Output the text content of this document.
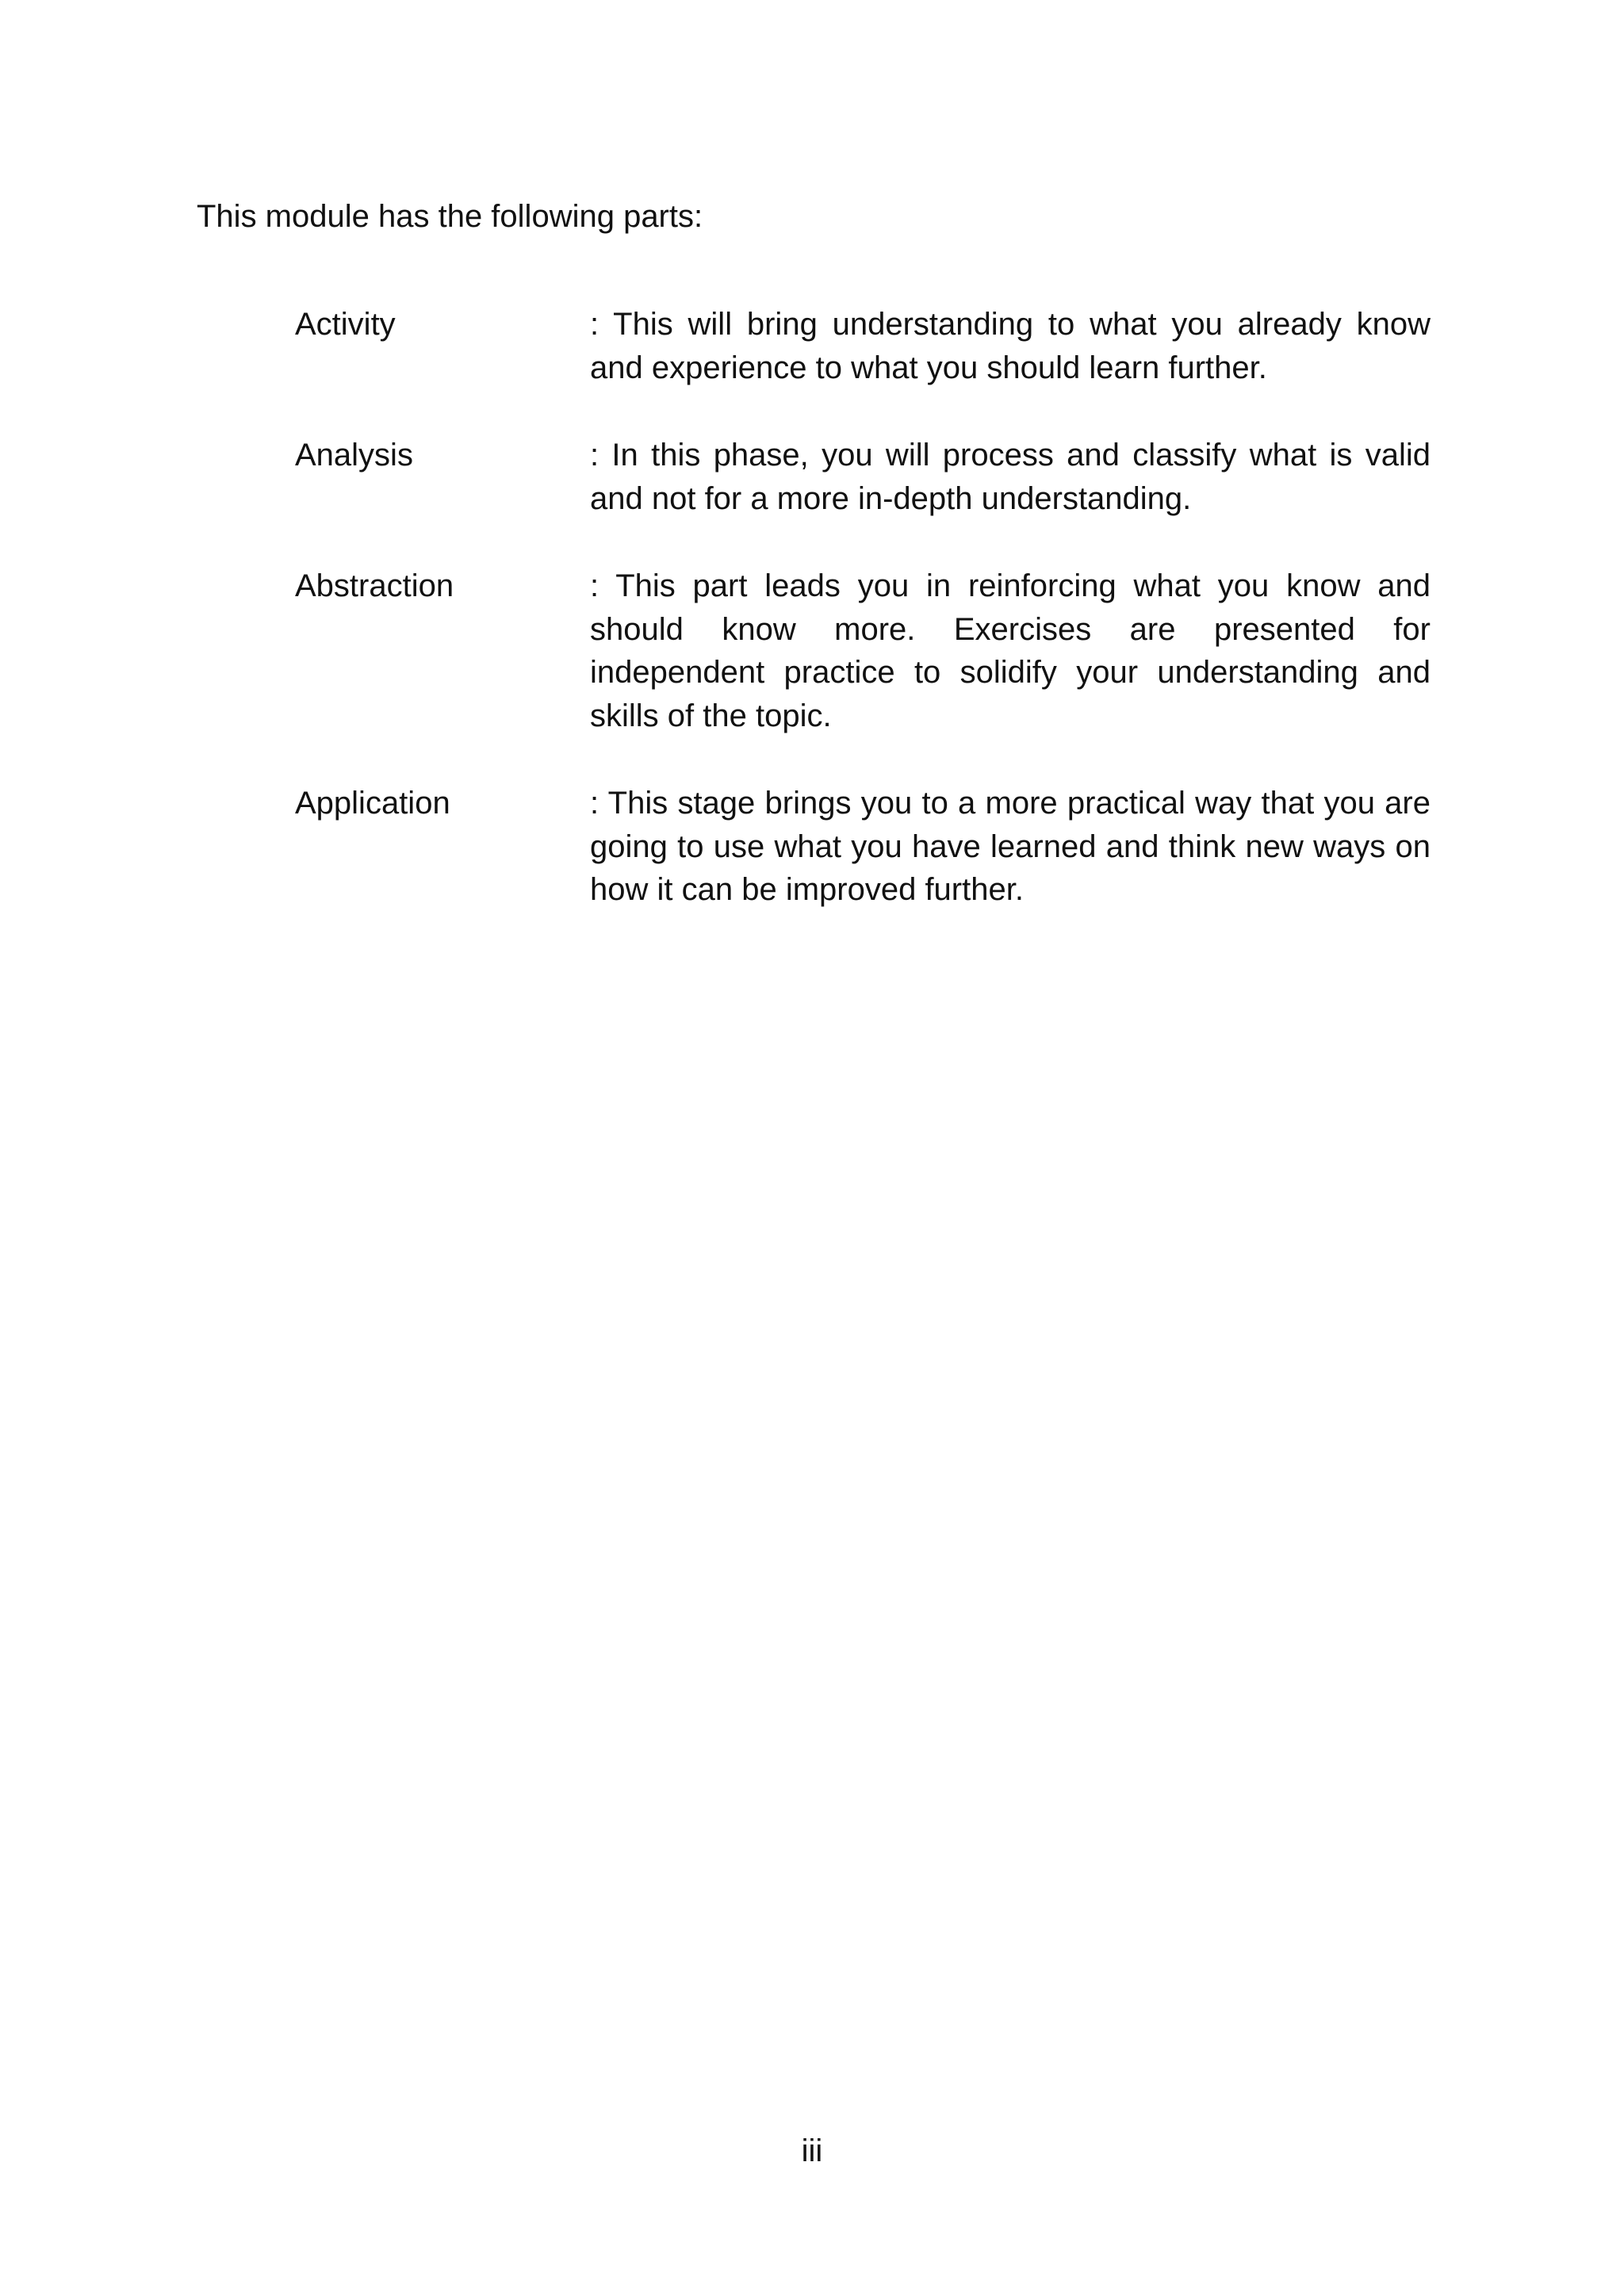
This module has the following parts:

Activity	: This will bring understanding to what you already know and experience to what you should learn further.
Analysis	: In this phase, you will process and classify what is valid and not for a more in-depth understanding.
Abstraction	: This part leads you in reinforcing what you know and should know more. Exercises are presented for independent practice to solidify your understanding and skills of the topic.
Application	: This stage brings you to a more practical way that you are going to use what you have learned and think new ways on how it can be improved further.
iii
